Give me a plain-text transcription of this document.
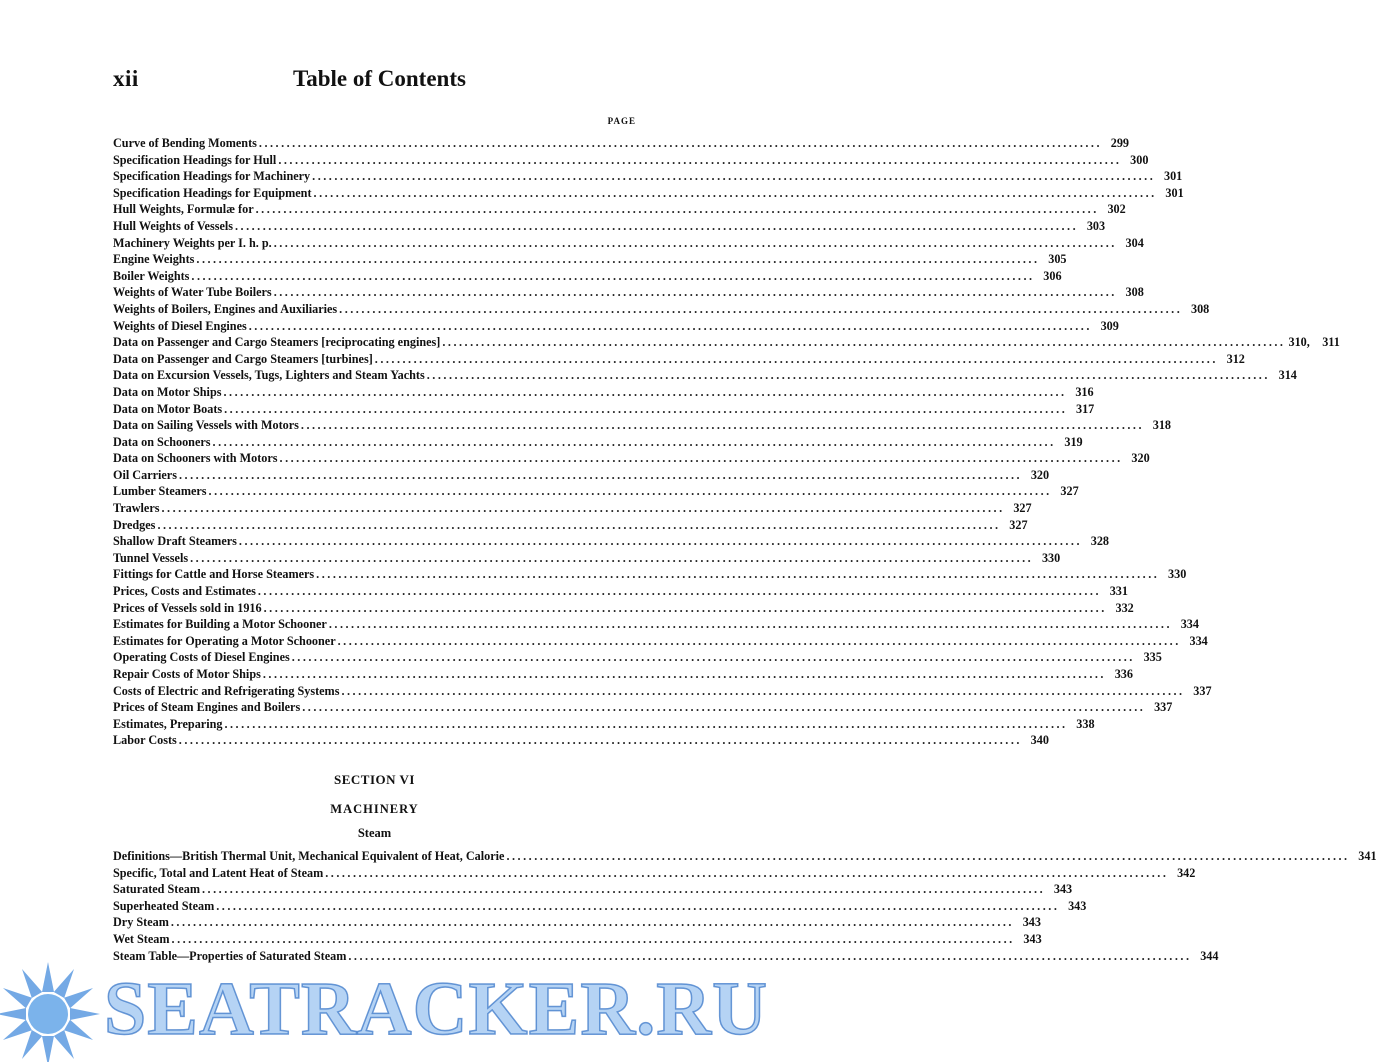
xii	Table of Contents
PAGE
Curve of Bending Moments .....	299
Specification Headings for Hull .....	300
Specification Headings for Machinery .....	301
Specification Headings for Equipment .....	301
Hull Weights, Formulæ for .....	302
Hull Weights of Vessels .....	303
Machinery Weights per I. h. p. .....	304
Engine Weights .....	305
Boiler Weights .....	306
Weights of Water Tube Boilers .....	308
Weights of Boilers, Engines and Auxiliaries .....	308
Weights of Diesel Engines .....	309
Data on Passenger and Cargo Steamers [reciprocating engines] .....	310,	311
Data on Passenger and Cargo Steamers [turbines] .....	312
Data on Excursion Vessels, Tugs, Lighters and Steam Yachts .....	314
Data on Motor Ships .....	316
Data on Motor Boats .....	317
Data on Sailing Vessels with Motors .....	318
Data on Schooners .....	319
Data on Schooners with Motors .....	320
Oil Carriers .....	320
Lumber Steamers .....	327
Trawlers .....	327
Dredges .....	327
Shallow Draft Steamers .....	328
Tunnel Vessels .....	330
Fittings for Cattle and Horse Steamers .....	330
Prices, Costs and Estimates .....	331
Prices of Vessels sold in 1916 .....	332
Estimates for Building a Motor Schooner .....	334
Estimates for Operating a Motor Schooner .....	334
Operating Costs of Diesel Engines .....	335
Repair Costs of Motor Ships .....	336
Costs of Electric and Refrigerating Systems .....	337
Prices of Steam Engines and Boilers .....	337
Estimates, Preparing .....	338
Labor Costs .....	340
SECTION VI
MACHINERY
Steam
Definitions—British Thermal Unit, Mechanical Equivalent of Heat, Calorie .....	341
Specific, Total and Latent Heat of Steam .....	342
Saturated Steam .....	343
Superheated Steam .....	343
Dry Steam .....	343
Wet Steam .....	343
Steam Table—Properties of Saturated Steam .....	344
SEATRACKER.RU
